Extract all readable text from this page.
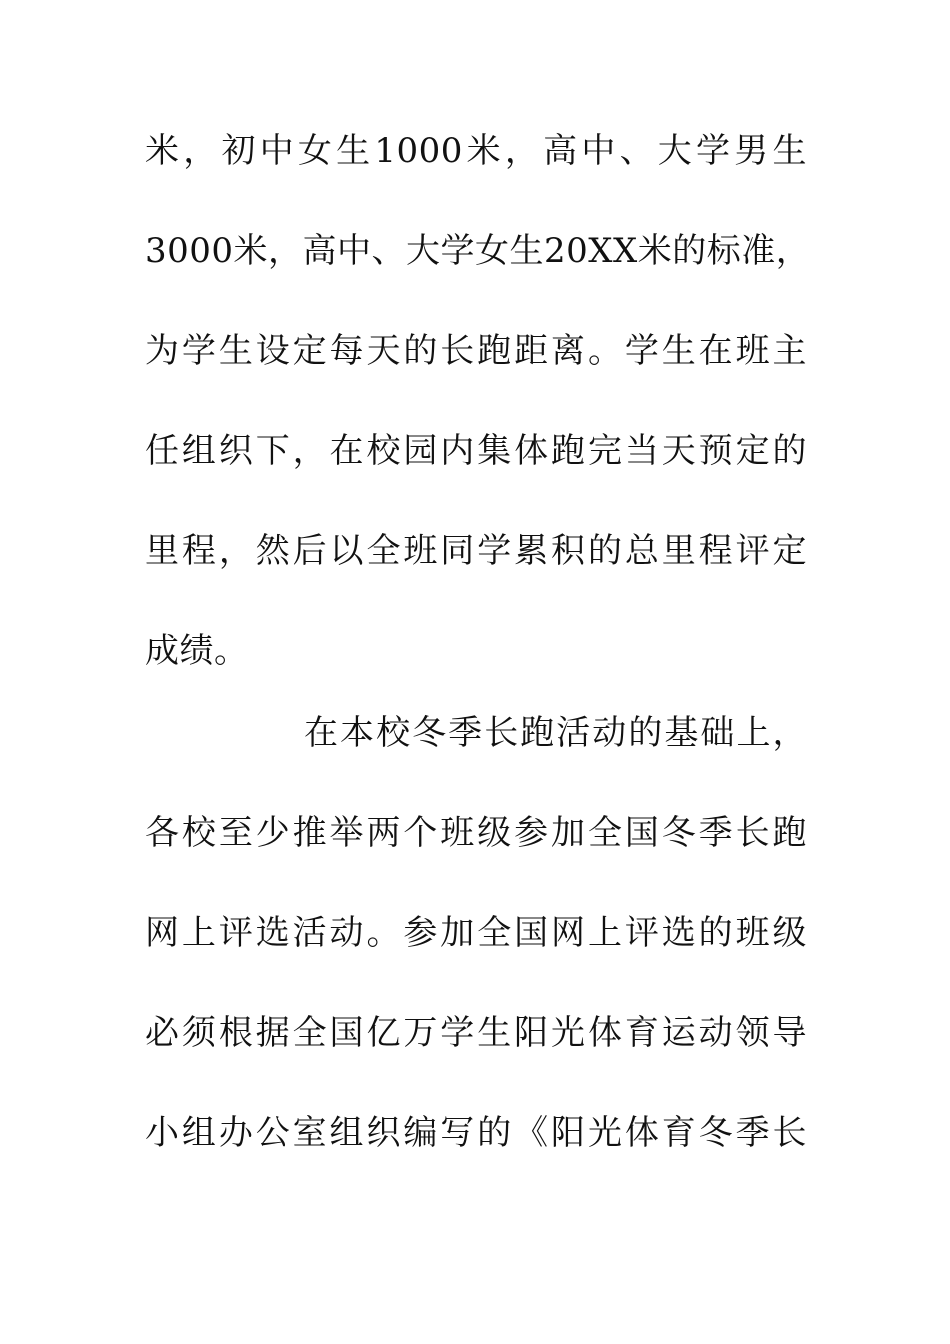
米，初中女生1000米，高中、大学男生
3000米，高中、大学女生20XX米的标准，
为学生设定每天的长跑距离。学生在班主
任组织下，在校园内集体跑完当天预定的
里程，然后以全班同学累积的总里程评定
成绩。
在本校冬季长跑活动的基础上，
各校至少推举两个班级参加全国冬季长跑
网上评选活动。参加全国网上评选的班级
必须根据全国亿万学生阳光体育运动领导
小组办公室组织编写的《阳光体育冬季长
